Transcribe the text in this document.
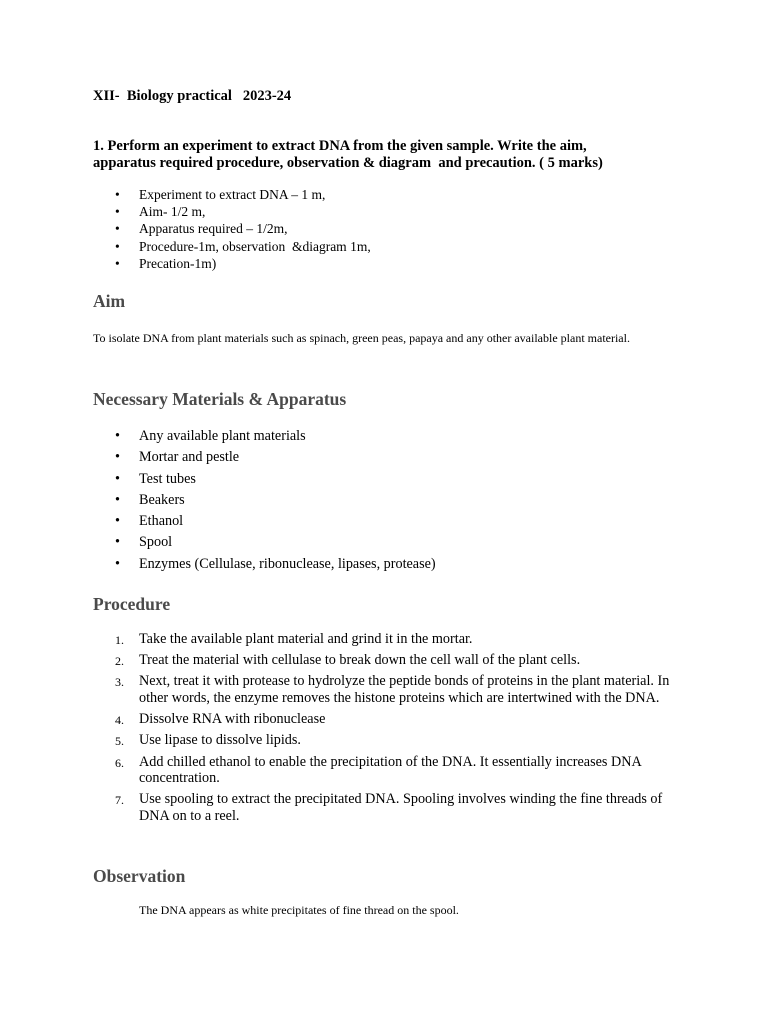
XII-  Biology practical   2023-24
1. Perform an experiment to extract DNA from the given sample. Write the aim,
apparatus required procedure, observation & diagram  and precaution. ( 5 marks)
• Experiment to extract DNA – 1 m,
• Aim- 1/2 m,
• Apparatus required – 1/2m,
• Procedure-1m, observation  &diagram 1m,
• Precation-1m)
Aim
To isolate DNA from plant materials such as spinach, green peas, papaya and any other available plant material.
Necessary Materials & Apparatus
• Any available plant materials
• Mortar and pestle
• Test tubes
• Beakers
• Ethanol
• Spool
• Enzymes (Cellulase, ribonuclease, lipases, protease)
Procedure
1. Take the available plant material and grind it in the mortar.
2. Treat the material with cellulase to break down the cell wall of the plant cells.
3. Next, treat it with protease to hydrolyze the peptide bonds of proteins in the plant material. In other words, the enzyme removes the histone proteins which are intertwined with the DNA.
4. Dissolve RNA with ribonuclease
5. Use lipase to dissolve lipids.
6. Add chilled ethanol to enable the precipitation of the DNA. It essentially increases DNA concentration.
7. Use spooling to extract the precipitated DNA. Spooling involves winding the fine threads of DNA on to a reel.
Observation
The DNA appears as white precipitates of fine thread on the spool.
